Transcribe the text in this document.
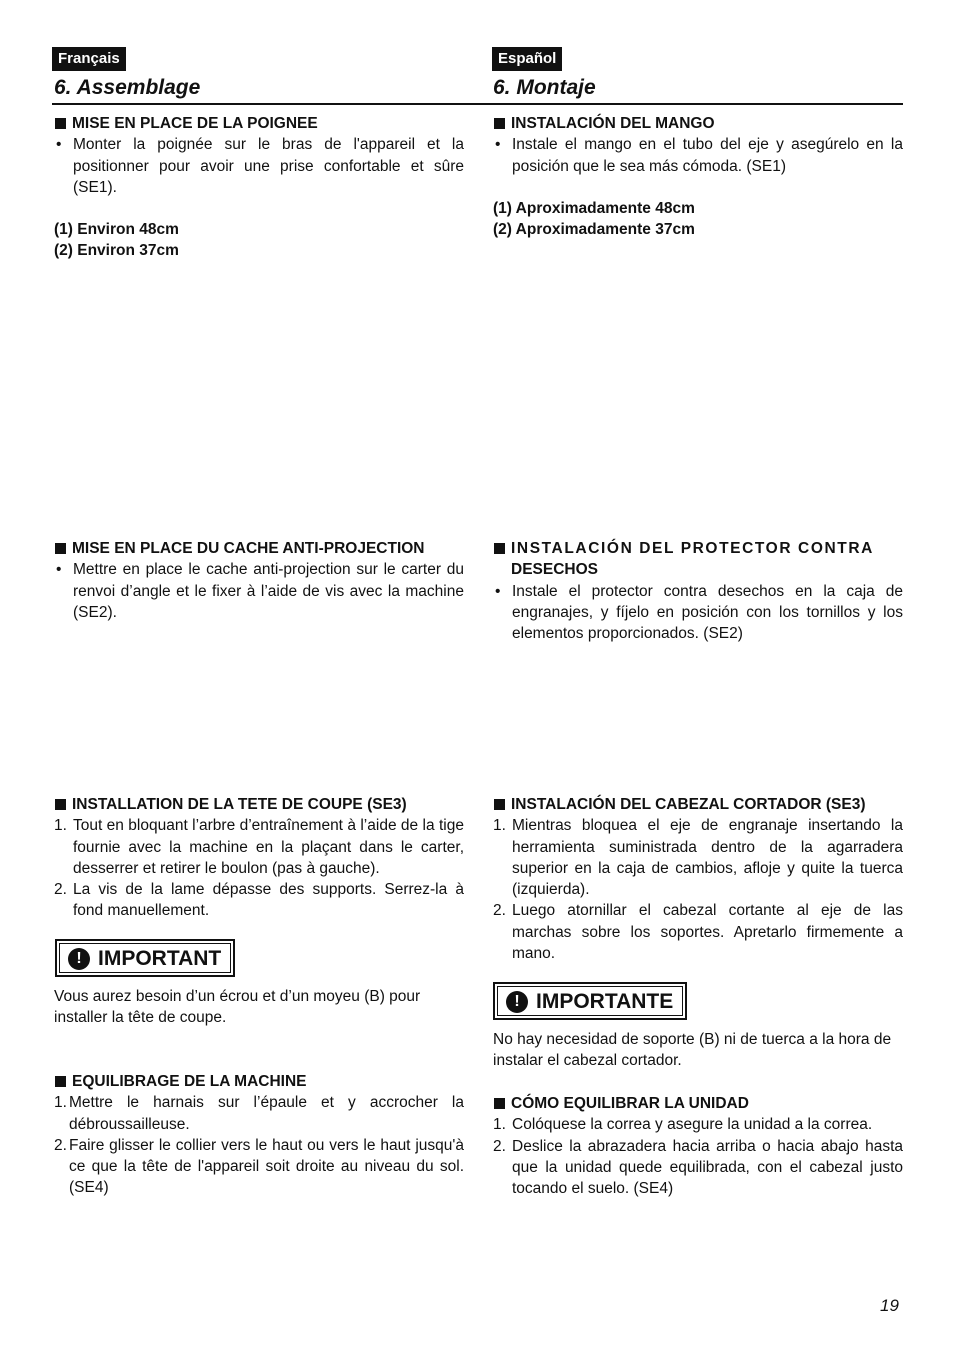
Français	Español
6. Assemblage	6. Montaje
MISE EN PLACE DE LA POIGNEE
• Monter la poignée sur le bras de l'appareil et la positionner pour avoir une prise confortable et sûre (SE1).
(1) Environ 48cm
(2) Environ 37cm
MISE EN PLACE DU CACHE ANTI-PROJECTION
• Mettre en place le cache anti-projection sur le carter du renvoi d’angle et le fixer à l’aide de vis avec la machine (SE2).
INSTALLATION DE LA TETE DE COUPE (SE3)
1. Tout en bloquant l’arbre d’entraînement à l’aide de la tige fournie avec la machine en la plaçant dans le carter, desserrer et retirer le boulon (pas à gauche).
2. La vis de la lame dépasse des supports. Serrez-la à fond manuellement.
! IMPORTANT
Vous aurez besoin d’un écrou et d’un moyeu (B) pour installer la tête de coupe.
EQUILIBRAGE DE LA MACHINE
1. Mettre le harnais sur l’épaule et y accrocher la débroussailleuse.
2. Faire glisser le collier vers le haut ou vers le haut jusqu'à ce que la tête de l'appareil soit droite au niveau du sol. (SE4)
INSTALACIÓN DEL MANGO
• Instale el mango en el tubo del eje y asegúrelo en la posición que le sea más cómoda. (SE1)
(1) Aproximadamente 48cm
(2) Aproximadamente 37cm
INSTALACIÓN DEL PROTECTOR CONTRA
DESECHOS
• Instale el protector contra desechos en la caja de engranajes, y fíjelo en posición con los tornillos y los elementos proporcionados. (SE2)
INSTALACIÓN DEL CABEZAL CORTADOR (SE3)
1. Mientras bloquea el eje de engranaje insertando la herramienta suministrada dentro de la agarradera superior en la caja de cambios, afloje y quite la tuerca (izquierda).
2. Luego atornillar el cabezal cortante al eje de las marchas sobre los soportes. Apretarlo firmemente a mano.
! IMPORTANTE
No hay necesidad de soporte (B) ni de tuerca a la hora de instalar el cabezal cortador.
CÓMO EQUILIBRAR LA UNIDAD
1. Colóquese la correa y asegure la unidad a la correa.
2. Deslice la abrazadera hacia arriba o hacia abajo hasta que la unidad quede equilibrada, con el cabezal justo tocando el suelo. (SE4)
19
